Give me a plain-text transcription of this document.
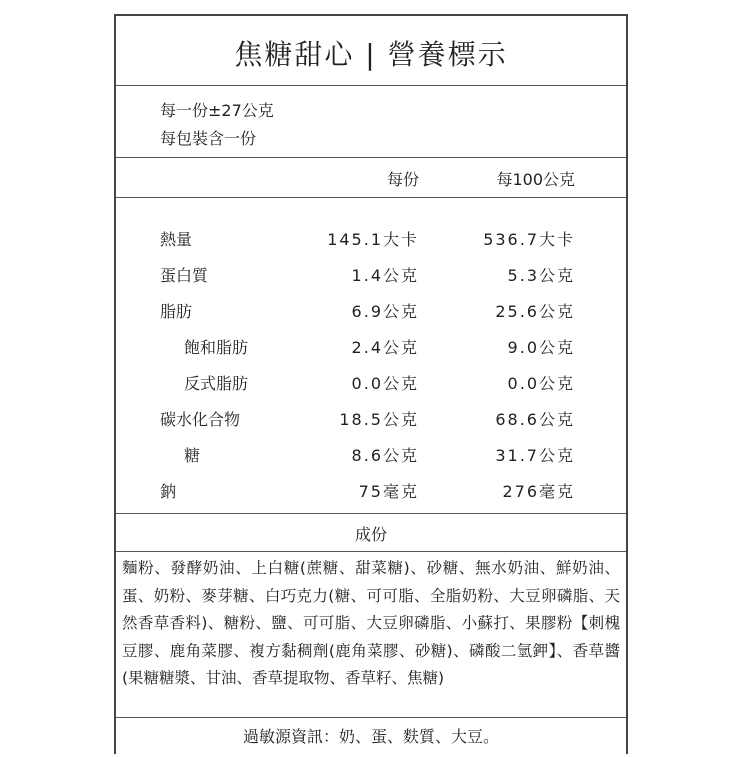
焦糖甜心 | 營養標示
每一份±27公克
每包裝含一份
每份	每100公克
熱量	145.1大卡	536.7大卡
蛋白質	1.4公克	5.3公克
脂肪	6.9公克	25.6公克
飽和脂肪	2.4公克	9.0公克
反式脂肪	0.0公克	0.0公克
碳水化合物	18.5公克	68.6公克
糖	8.6公克	31.7公克
鈉	75毫克	276毫克
成份
麵粉、發酵奶油、上白糖(蔗糖、甜菜糖)、砂糖、無水奶油、鮮奶油、蛋、奶粉、麥芽糖、白巧克力(糖、可可脂、全脂奶粉、大豆卵磷脂、天然香草香料)、糖粉、鹽、可可脂、大豆卵磷脂、小蘇打、果膠粉【刺槐豆膠、鹿角菜膠、複方黏稠劑(鹿角菜膠、砂糖)、磷酸二氫鉀】、香草醬(果糖糖漿、甘油、香草提取物、香草籽、焦糖)
過敏源資訊：奶、蛋、麩質、大豆。
